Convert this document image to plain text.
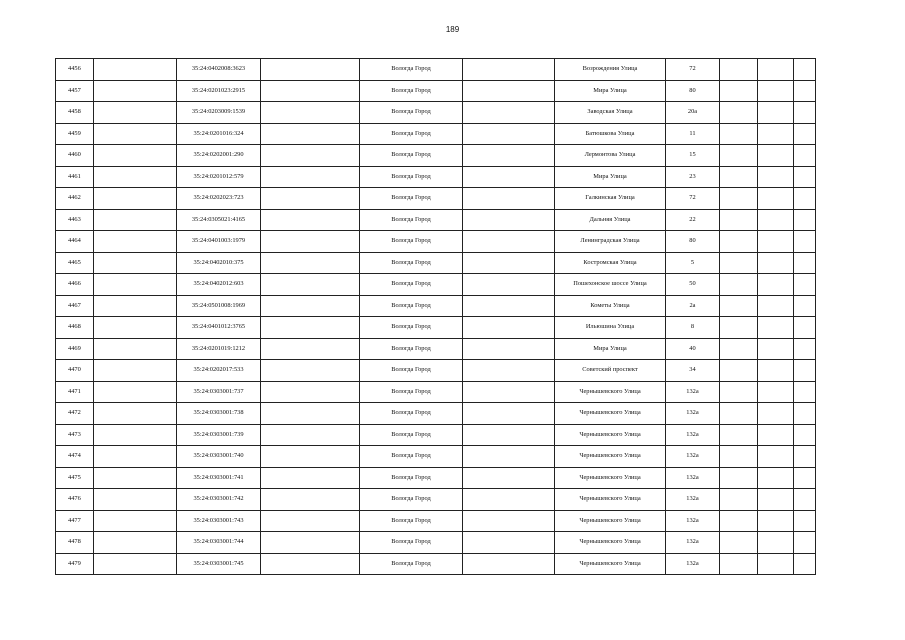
189
4456		35:24:0402008:3623		Вологда Город		Возрождения Улица	72			
4457		35:24:0201023:2915		Вологда Город		Мира Улица	80			
4458		35:24:0203009:1539		Вологда Город		Заводская Улица	20а			
4459		35:24:0201016:324		Вологда Город		Батюшкова Улица	11			
4460		35:24:0202001:290		Вологда Город		Лермонтова Улица	15			
4461		35:24:0201012:579		Вологда Город		Мира Улица	23			
4462		35:24:0202023:723		Вологда Город		Галкинская Улица	72			
4463		35:24:0305021:4165		Вологда Город		Дальняя Улица	22			
4464		35:24:0401003:1979		Вологда Город		Ленинградская Улица	80			
4465		35:24:0402010:375		Вологда Город		Костромская Улица	5			
4466		35:24:0402012:603		Вологда Город		Пошехонское шоссе Улица	50			
4467		35:24:0501008:1969		Вологда Город		Кометы Улица	2а			
4468		35:24:0401012:3765		Вологда Город		Ильюшина Улица	8			
4469		35:24:0201019:1212		Вологда Город		Мира Улица	40			
4470		35:24:0202017:533		Вологда Город		Советский проспект	34			
4471		35:24:0303001:737		Вологда Город		Чернышевского Улица	132а			
4472		35:24:0303001:738		Вологда Город		Чернышевского Улица	132а			
4473		35:24:0303001:739		Вологда Город		Чернышевского Улица	132а			
4474		35:24:0303001:740		Вологда Город		Чернышевского Улица	132а			
4475		35:24:0303001:741		Вологда Город		Чернышевского Улица	132а			
4476		35:24:0303001:742		Вологда Город		Чернышевского Улица	132а			
4477		35:24:0303001:743		Вологда Город		Чернышевского Улица	132а			
4478		35:24:0303001:744		Вологда Город		Чернышевского Улица	132а			
4479		35:24:0303001:745		Вологда Город		Чернышевского Улица	132а			
